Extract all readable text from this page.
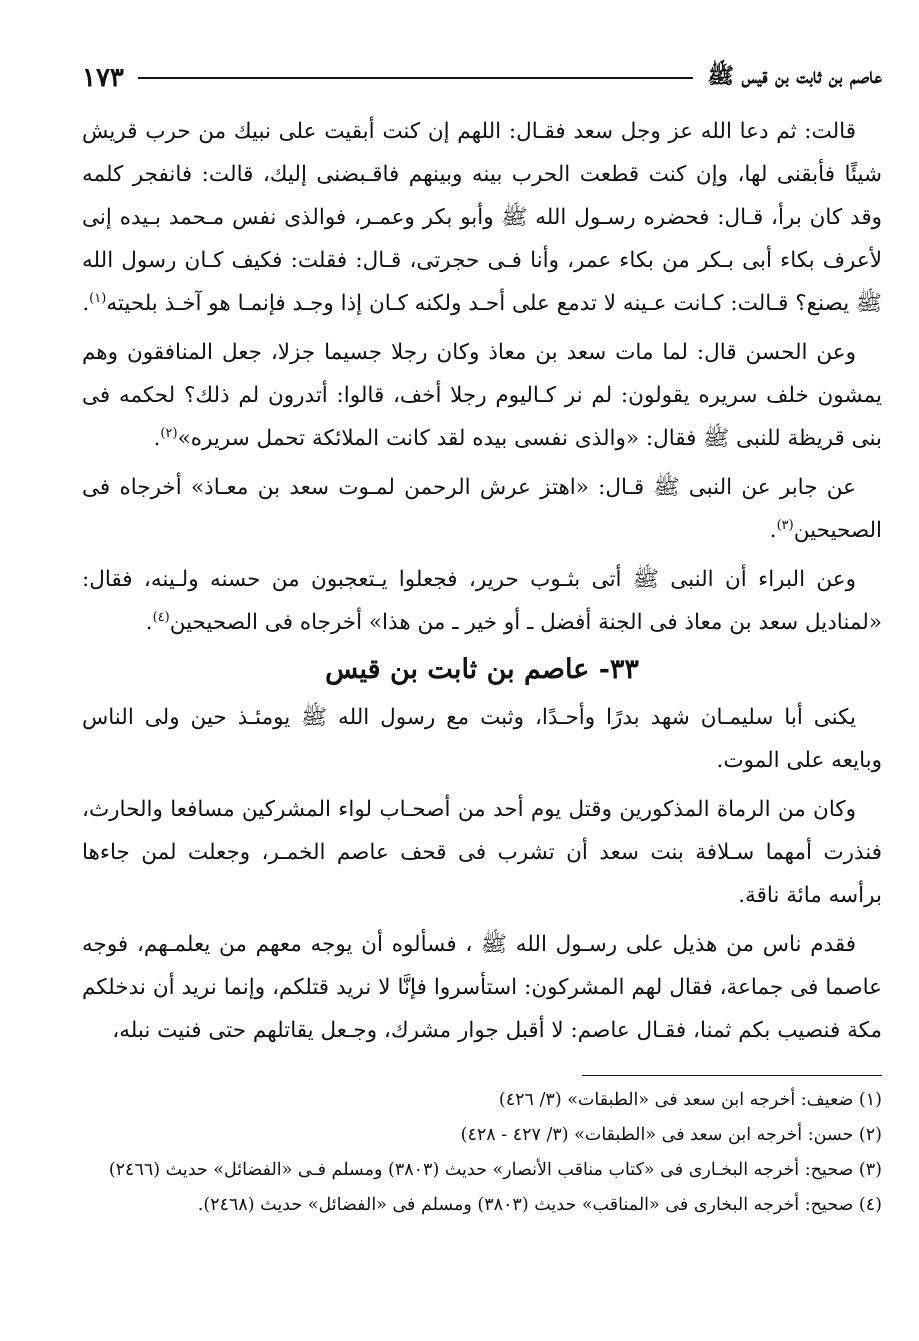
عاصم بن ثابت بن قيس ﷺ
١٧٣

قالت: ثم دعا الله عز وجل سعد فقـال: اللهم إن كنت أبقيت على نبيك من حرب قريش شيئًا فأبقنى لها، وإن كنت قطعت الحرب بينه وبينهم فاقـبضنى إليك، قالت: فانفجر كلمه وقد كان برأ، قـال: فحضره رسـول الله ﷺ وأبو بكر وعمـر، فوالذى نفس مـحمد بـيده إنى لأعرف بكاء أبى بـكر من بكاء عمر، وأنا فـى حجرتى، قـال: فقلت: فكيف كـان رسول الله ﷺ يصنع؟ قـالت: كـانت عـينه لا تدمع على أحـد ولكنه كـان إذا وجـد فإنمـا هو آخـذ بلحيته$^{(١)}$.

وعن الحسن قال: لما مات سعد بن معاذ وكان رجلا جسيما جزلا، جعل المنافقون وهم يمشون خلف سريره يقولون: لم نر كـاليوم رجلا أخف، قالوا: أتدرون لم ذلك؟ لحكمه فى بنى قريظة للنبى ﷺ فقال: «والذى نفسى بيده لقد كانت الملائكة تحمل سريره»$^{(٢)}$.

عن جابر عن النبى ﷺ قـال: «اهتز عرش الرحمن لمـوت سعد بن معـاذ» أخرجاه فى الصحيحين$^{(٣)}$.

وعن البراء أن النبى ﷺ أتى بثـوب حرير، فجعلوا يـتعجبون من حسنه ولـينه، فقال: «لمناديل سعد بن معاذ فى الجنة أفضل ـ أو خير ـ من هذا» أخرجاه فى الصحيحين$^{(٤)}$.

٣٣- عاصم بن ثابت بن قيس

يكنى أبا سليمـان شهد بدرًا وأحـدًا، وثبت مع رسول الله ﷺ يومئـذ حين ولى الناس وبايعه على الموت.

وكان من الرماة المذكورين وقتل يوم أحد من أصحـاب لواء المشركين مسافعا والحارث، فنذرت أمهما سـلافة بنت سعد أن تشرب فى قحف عاصم الخمـر، وجعلت لمن جاءها برأسه مائة ناقة.

فقدم ناس من هذيل على رسـول الله ﷺ ، فسألوه أن يوجه معهم من يعلمـهم، فوجه عاصما فى جماعة، فقال لهم المشركون: استأسروا فإنَّا لا نريد قتلكم، وإنما نريد أن ندخلكم مكة فنصيب بكم ثمنا، فقـال عاصم: لا أقبل جوار مشرك، وجـعل يقاتلهم حتى فنيت نبله،

(١) ضعيف: أخرجه ابن سعد فى «الطبقات» (٣/ ٤٢٦)

(٢) حسن: أخرجه ابن سعد فى «الطبقات» (٣/ ٤٢٧ - ٤٢٨)

(٣) صحيح: أخرجه البخـارى فى «كتاب مناقب الأنصار» حديث (٣٨٠٣) ومسلم فـى «الفضائل» حديث (٢٤٦٦)

(٤) صحيح: أخرجه البخارى فى «المناقب» حديث (٣٨٠٣) ومسلم فى «الفضائل» حديث (٢٤٦٨).
